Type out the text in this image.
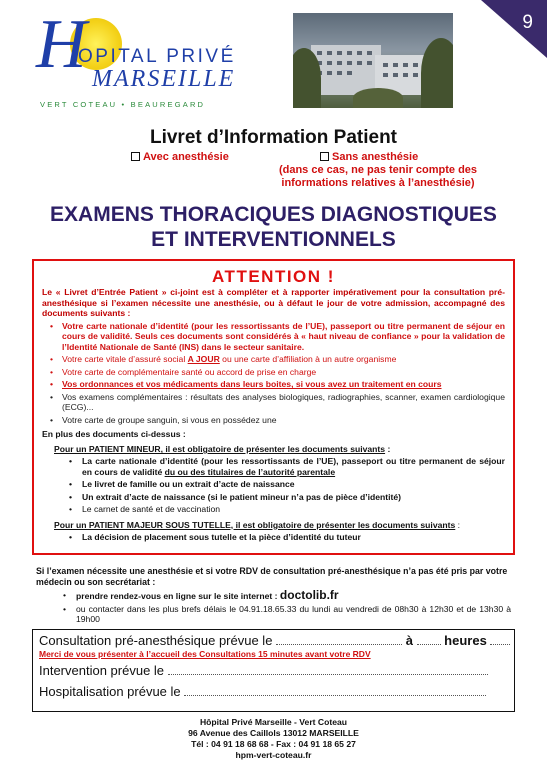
9
H
OPITAL PRIVÉ
MARSEILLE
VERT COTEAU • BEAUREGARD
Livret d’Information Patient
Avec anesthésie	Sans anesthésie
(dans ce cas, ne pas tenir compte des informations relatives à l’anesthésie)
EXAMENS THORACIQUES DIAGNOSTIQUES
ET INTERVENTIONNELS
ATTENTION !
Le « Livret d’Entrée Patient » ci-joint est à compléter et à rapporter impérativement pour la consultation pré-anesthésique si l’examen nécessite une anesthésie, ou à défaut le jour de votre admission, accompagné des documents suivants :
• Votre carte nationale d’identité (pour les ressortissants de l’UE), passeport ou titre permanent de séjour en cours de validité. Seuls ces documents sont considérés à « haut niveau de confiance » pour la validation de l’Identité Nationale de Santé (INS) dans le secteur sanitaire.
• Votre carte vitale d’assuré social A JOUR ou une carte d’affiliation à un autre organisme
• Votre carte de complémentaire santé ou accord de prise en charge
• Vos ordonnances et vos médicaments dans leurs boites, si vous avez un traitement en cours
• Vos examens complémentaires : résultats des analyses biologiques, radiographies, scanner, examen cardiologique (ECG)...
• Votre carte de groupe sanguin, si vous en possédez une
En plus des documents ci-dessus :
Pour un PATIENT MINEUR, il est obligatoire de présenter les documents suivants :
• La carte nationale d’identité (pour les ressortissants de l’UE), passeport ou titre permanent de séjour en cours de validité du ou des titulaires de l’autorité parentale
• Le livret de famille ou un extrait d’acte de naissance
• Un extrait d’acte de naissance (si le patient mineur n’a pas de pièce d’identité)
• Le carnet de santé et de vaccination
Pour un PATIENT MAJEUR SOUS TUTELLE, il est obligatoire de présenter les documents suivants :
• La décision de placement sous tutelle et la pièce d’identité du tuteur
Si l’examen nécessite une anesthésie et si votre RDV de consultation pré-anesthésique n’a pas été pris par votre médecin ou son secrétariat :
• prendre rendez-vous en ligne sur le site internet : doctolib.fr
• ou contacter dans les plus brefs délais le 04.91.18.65.33 du lundi au vendredi de 08h30 à 12h30 et de 13h30 à 19h00
Consultation pré-anesthésique prévue le	à heures
Merci de vous présenter à l’accueil des Consultations 15 minutes avant votre RDV
Intervention prévue le
Hospitalisation prévue le
Hôpital Privé Marseille - Vert Coteau
96 Avenue des Caillols 13012 MARSEILLE
Tél : 04 91 18 68 68 - Fax : 04 91 18 65 27
hpm-vert-coteau.fr
